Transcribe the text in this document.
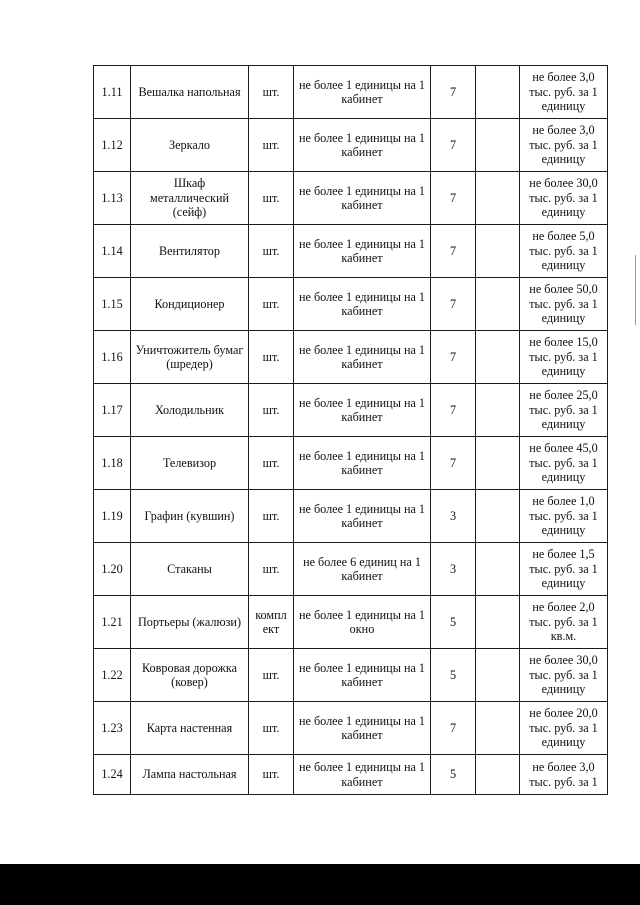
1.11	Вешалка напольная	шт.	не более 1 единицы на 1 кабинет	7		не более 3,0 тыс. руб. за 1 единицу
1.12	Зеркало	шт.	не более 1 единицы на 1 кабинет	7		не более 3,0 тыс. руб. за 1 единицу
1.13	Шкаф металлический (сейф)	шт.	не более 1 единицы на 1 кабинет	7		не более 30,0 тыс. руб. за 1 единицу
1.14	Вентилятор	шт.	не более 1 единицы на 1 кабинет	7		не более 5,0 тыс. руб. за 1 единицу
1.15	Кондиционер	шт.	не более 1 единицы на 1 кабинет	7		не более 50,0 тыс. руб. за 1 единицу
1.16	Уничтожитель бумаг (шредер)	шт.	не более 1 единицы на 1 кабинет	7		не более 15,0 тыс. руб. за 1 единицу
1.17	Холодильник	шт.	не более 1 единицы на 1 кабинет	7		не более 25,0 тыс. руб. за 1 единицу
1.18	Телевизор	шт.	не более 1 единицы на 1 кабинет	7		не более 45,0 тыс. руб. за 1 единицу
1.19	Графин (кувшин)	шт.	не более 1 единицы на 1 кабинет	3		не более 1,0 тыс. руб. за 1 единицу
1.20	Стаканы	шт.	не более 6 единиц на 1 кабинет	3		не более 1,5 тыс. руб. за 1 единицу
1.21	Портьеры (жалюзи)	компл ект	не более 1 единицы на 1 окно	5		не более 2,0 тыс. руб. за 1 кв.м.
1.22	Ковровая дорожка (ковер)	шт.	не более 1 единицы на 1 кабинет	5		не более 30,0 тыс. руб. за 1 единицу
1.23	Карта настенная	шт.	не более 1 единицы на 1 кабинет	7		не более 20,0 тыс. руб. за 1 единицу
1.24	Лампа настольная	шт.	не более 1 единицы на 1 кабинет	5		не более 3,0 тыс. руб. за 1
